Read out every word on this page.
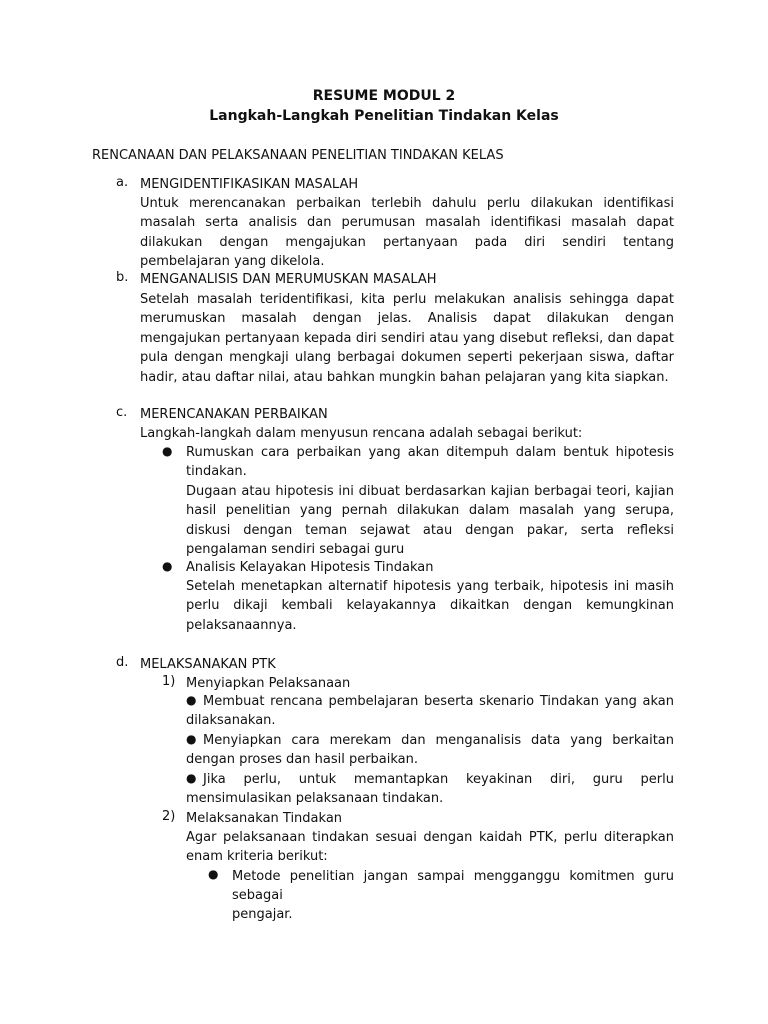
RESUME MODUL 2
Langkah-Langkah Penelitian Tindakan Kelas
RENCANAAN DAN PELAKSANAAN PENELITIAN TINDAKAN KELAS
a. MENGIDENTIFIKASIKAN MASALAH
Untuk merencanakan perbaikan terlebih dahulu perlu dilakukan identifikasi masalah serta analisis dan perumusan masalah identifikasi masalah dapat dilakukan dengan mengajukan pertanyaan pada diri sendiri tentang pembelajaran yang dikelola.
b. MENGANALISIS DAN MERUMUSKAN MASALAH
Setelah masalah teridentifikasi, kita perlu melakukan analisis sehingga dapat merumuskan masalah dengan jelas. Analisis dapat dilakukan dengan mengajukan pertanyaan kepada diri sendiri atau yang disebut refleksi, dan dapat pula dengan mengkaji ulang berbagai dokumen seperti pekerjaan siswa, daftar hadir, atau daftar nilai, atau bahkan mungkin bahan pelajaran yang kita siapkan.
c. MERENCANAKAN PERBAIKAN
Langkah-langkah dalam menyusun rencana adalah sebagai berikut:
● Rumuskan cara perbaikan yang akan ditempuh dalam bentuk hipotesis tindakan.
Dugaan atau hipotesis ini dibuat berdasarkan kajian berbagai teori, kajian hasil penelitian yang pernah dilakukan dalam masalah yang serupa, diskusi dengan teman sejawat atau dengan pakar, serta refleksi pengalaman sendiri sebagai guru
● Analisis Kelayakan Hipotesis Tindakan
Setelah menetapkan alternatif hipotesis yang terbaik, hipotesis ini masih perlu dikaji kembali kelayakannya dikaitkan dengan kemungkinan pelaksanaannya.
d. MELAKSANAKAN PTK
1) Menyiapkan Pelaksanaan
● Membuat rencana pembelajaran beserta skenario Tindakan yang akan dilaksanakan.
● Menyiapkan cara merekam dan menganalisis data yang berkaitan dengan proses dan hasil perbaikan.
● Jika perlu, untuk memantapkan keyakinan diri, guru perlu mensimulasikan pelaksanaan tindakan.
2) Melaksanakan Tindakan
Agar pelaksanaan tindakan sesuai dengan kaidah PTK, perlu diterapkan enam kriteria berikut:
● Metode penelitian jangan sampai mengganggu komitmen guru
sebagai
pengajar.
